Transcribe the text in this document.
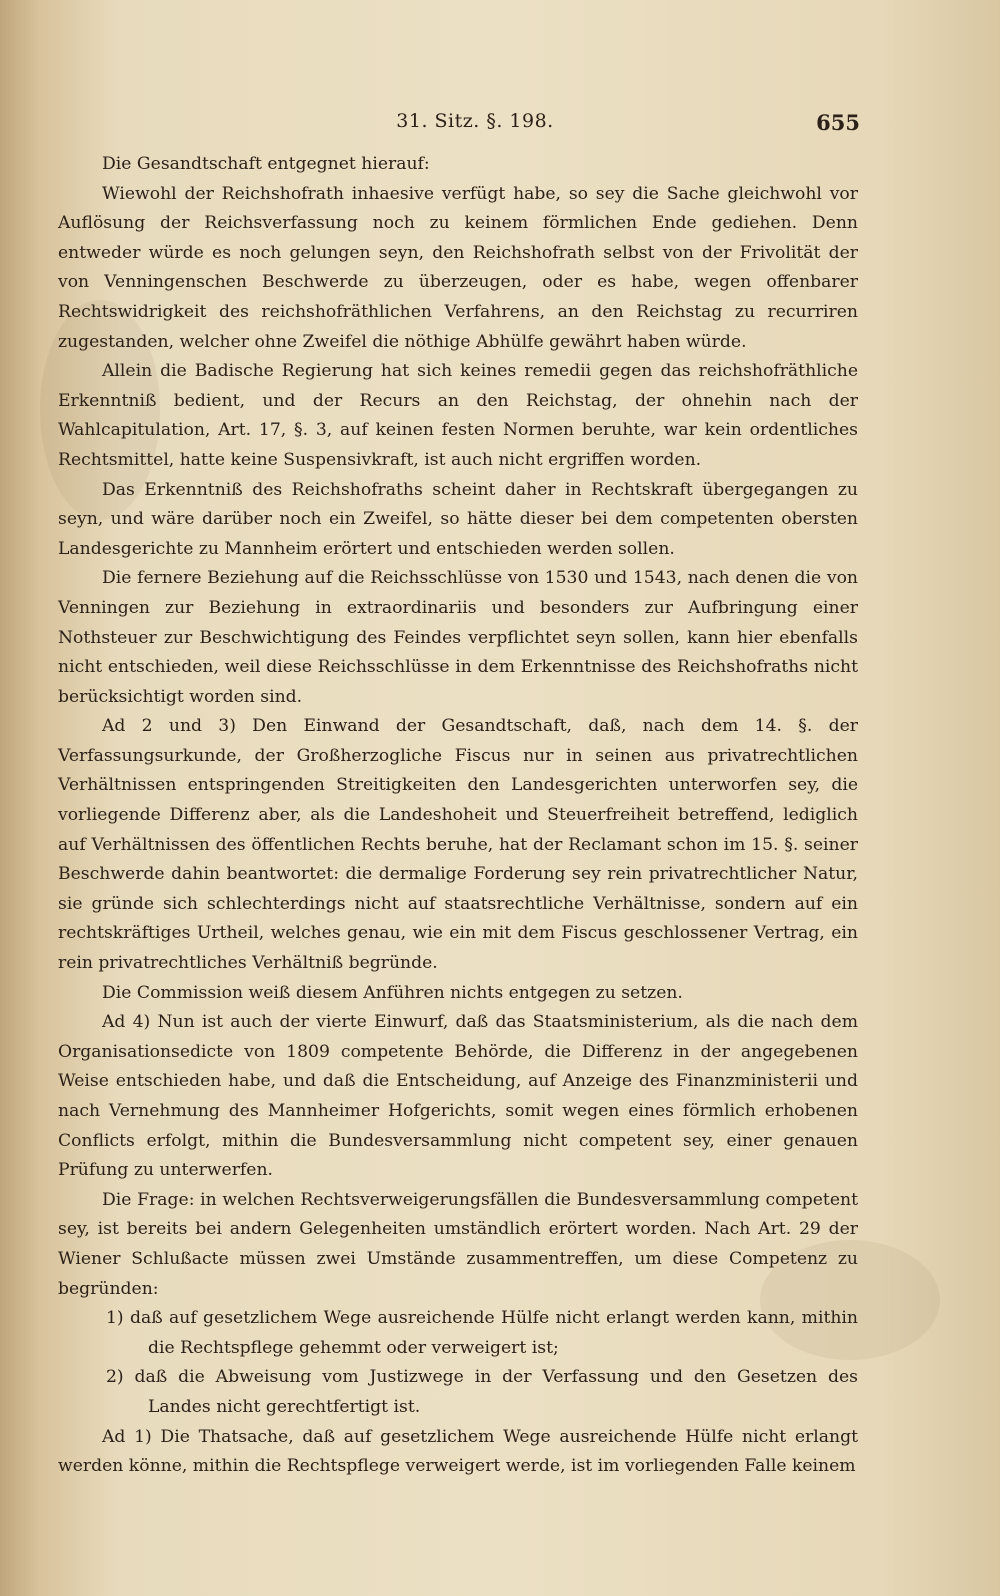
31. Sitz. §. 198.	655

Die Gesandtschaft entgegnet hierauf:

Wiewohl der Reichshofrath inhaesive verfügt habe, so sey die Sache gleichwohl vor Auflösung der Reichsverfassung noch zu keinem förmlichen Ende gediehen. Denn entweder würde es noch gelungen seyn, den Reichshofrath selbst von der Frivolität der von Venningenschen Beschwerde zu überzeugen, oder es habe, wegen offenbarer Rechtswidrigkeit des reichshofräthlichen Verfahrens, an den Reichstag zu recurriren zugestanden, welcher ohne Zweifel die nöthige Abhülfe gewährt haben würde.

Allein die Badische Regierung hat sich keines remedii gegen das reichshofräthliche Erkenntniß bedient, und der Recurs an den Reichstag, der ohnehin nach der Wahlcapitulation, Art. 17, §. 3, auf keinen festen Normen beruhte, war kein ordentliches Rechtsmittel, hatte keine Suspensivkraft, ist auch nicht ergriffen worden.

Das Erkenntniß des Reichshofraths scheint daher in Rechtskraft übergegangen zu seyn, und wäre darüber noch ein Zweifel, so hätte dieser bei dem competenten obersten Landesgerichte zu Mannheim erörtert und entschieden werden sollen.

Die fernere Beziehung auf die Reichsschlüsse von 1530 und 1543, nach denen die von Venningen zur Beziehung in extraordinariis und besonders zur Aufbringung einer Nothsteuer zur Beschwichtigung des Feindes verpflichtet seyn sollen, kann hier ebenfalls nicht entschieden, weil diese Reichsschlüsse in dem Erkenntnisse des Reichshofraths nicht berücksichtigt worden sind.

Ad 2 und 3) Den Einwand der Gesandtschaft, daß, nach dem 14. §. der Verfassungsurkunde, der Großherzogliche Fiscus nur in seinen aus privatrechtlichen Verhältnissen entspringenden Streitigkeiten den Landesgerichten unterworfen sey, die vorliegende Differenz aber, als die Landeshoheit und Steuerfreiheit betreffend, lediglich auf Verhältnissen des öffentlichen Rechts beruhe, hat der Reclamant schon im 15. §. seiner Beschwerde dahin beantwortet: die dermalige Forderung sey rein privatrechtlicher Natur, sie gründe sich schlechterdings nicht auf staatsrechtliche Verhältnisse, sondern auf ein rechtskräftiges Urtheil, welches genau, wie ein mit dem Fiscus geschlossener Vertrag, ein rein privatrechtliches Verhältniß begründe.

Die Commission weiß diesem Anführen nichts entgegen zu setzen.

Ad 4) Nun ist auch der vierte Einwurf, daß das Staatsministerium, als die nach dem Organisationsedicte von 1809 competente Behörde, die Differenz in der angegebenen Weise entschieden habe, und daß die Entscheidung, auf Anzeige des Finanzministerii und nach Vernehmung des Mannheimer Hofgerichts, somit wegen eines förmlich erhobenen Conflicts erfolgt, mithin die Bundesversammlung nicht competent sey, einer genauen Prüfung zu unterwerfen.

Die Frage: in welchen Rechtsverweigerungsfällen die Bundesversammlung competent sey, ist bereits bei andern Gelegenheiten umständlich erörtert worden. Nach Art. 29 der Wiener Schlußacte müssen zwei Umstände zusammentreffen, um diese Competenz zu begründen:

1) daß auf gesetzlichem Wege ausreichende Hülfe nicht erlangt werden kann, mithin die Rechtspflege gehemmt oder verweigert ist;

2) daß die Abweisung vom Justizwege in der Verfassung und den Gesetzen des Landes nicht gerechtfertigt ist.

Ad 1) Die Thatsache, daß auf gesetzlichem Wege ausreichende Hülfe nicht erlangt werden könne, mithin die Rechtspflege verweigert werde, ist im vorliegenden Falle keinem
